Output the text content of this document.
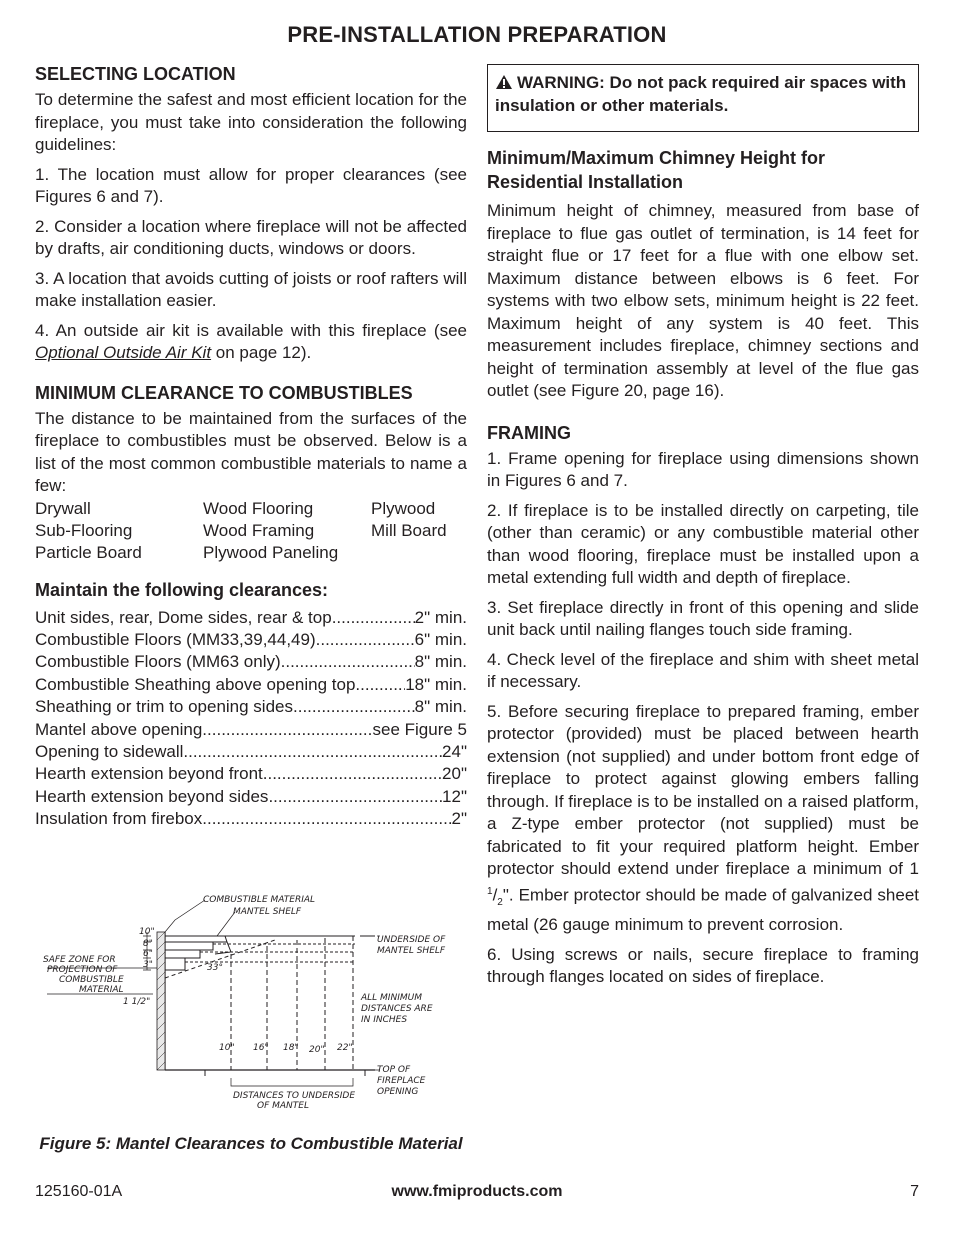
PRE-INSTALLATION PREPARATION
SELECTING LOCATION

To determine the safest and most efficient location for the fireplace, you must take into consideration the following guidelines:

1. The location must allow for proper clearances (see Figures 6 and 7).

2. Consider a location where fireplace will not be affected by drafts, air conditioning ducts, windows or doors.

3. A location that avoids cutting of joists or roof rafters will make installation easier.

4. An outside air kit is available with this fireplace (see Optional Outside Air Kit on page 12).

MINIMUM CLEARANCE TO COMBUSTIBLES

The distance to be maintained from the surfaces of the fireplace to combustibles must be observed. Below is a list of the most common combustible materials to name a few:

Drywall	Wood Flooring	Plywood
Sub-Flooring	Wood Framing	Mill Board
Particle Board	Plywood Paneling
Maintain the following clearances:
Unit sides, rear, Dome sides, rear & top .....	2" min.
Combustible Floors (MM33,39,44,49) .....	6" min.
Combustible Floors (MM63 only) .....	8" min.
Combustible Sheathing above opening top .....	18" min.
Sheathing or trim to opening sides .....	8" min.
Mantel above opening .....	see Figure 5
Opening to sidewall .....	24"
Hearth extension beyond front .....	20"
Hearth extension beyond sides .....	12"
Insulation from firebox .....	2"
COMBUSTIBLE MATERIAL
MANTEL SHELF
SAFE ZONE FOR
PROJECTION OF
COMBUSTIBLE
MATERIAL
UNDERSIDE OF
MANTEL SHELF
ALL MINIMUM
DISTANCES ARE
IN INCHES
TOP OF
FIREPLACE
OPENING
DISTANCES TO UNDERSIDE
OF MANTEL
10"
8"
6"
3"	33°
1 1/2"
10" 16" 18" 20" 22"
Figure 5: Mantel Clearances to Combustible Material
WARNING: Do not pack required air spaces with insulation or other materials.
Minimum/Maximum Chimney Height for Residential Installation

Minimum height of chimney, measured from base of fireplace to flue gas outlet of termination, is 14 feet for straight flue or 17 feet for a flue with one elbow set. Maximum distance between elbows is 6 feet. For systems with two elbow sets, minimum height is 22 feet. Maximum height of any system is 40 feet. This measurement includes fireplace, chimney sections and height of termination assembly at level of the flue gas outlet (see Figure 20, page 16).

FRAMING

1. Frame opening for fireplace using dimensions shown in Figures 6 and 7.

2. If fireplace is to be installed directly on carpeting, tile (other than ceramic) or any combustible material other than wood flooring, fireplace must be installed upon a metal extending full width and depth of fireplace.

3. Set fireplace directly in front of this opening and slide unit back until nailing flanges touch side framing.

4. Check level of the fireplace and shim with sheet metal if necessary.

5. Before securing fireplace to prepared framing, ember protector (provided) must be placed between hearth extension (not supplied) and under bottom front edge of fireplace to protect against glowing embers falling through. If fireplace is to be installed on a raised platform, a Z-type ember protector (not supplied) must be fabricated to fit your required platform height. Ember protector should extend under fireplace a minimum of 1 $^1/_2$". Ember protector should be made of galvanized sheet metal (26 gauge minimum to prevent corrosion.

6. Using screws or nails, secure fireplace to framing through flanges located on sides of fireplace.

125160-01A	www.fmiproducts.com	7
